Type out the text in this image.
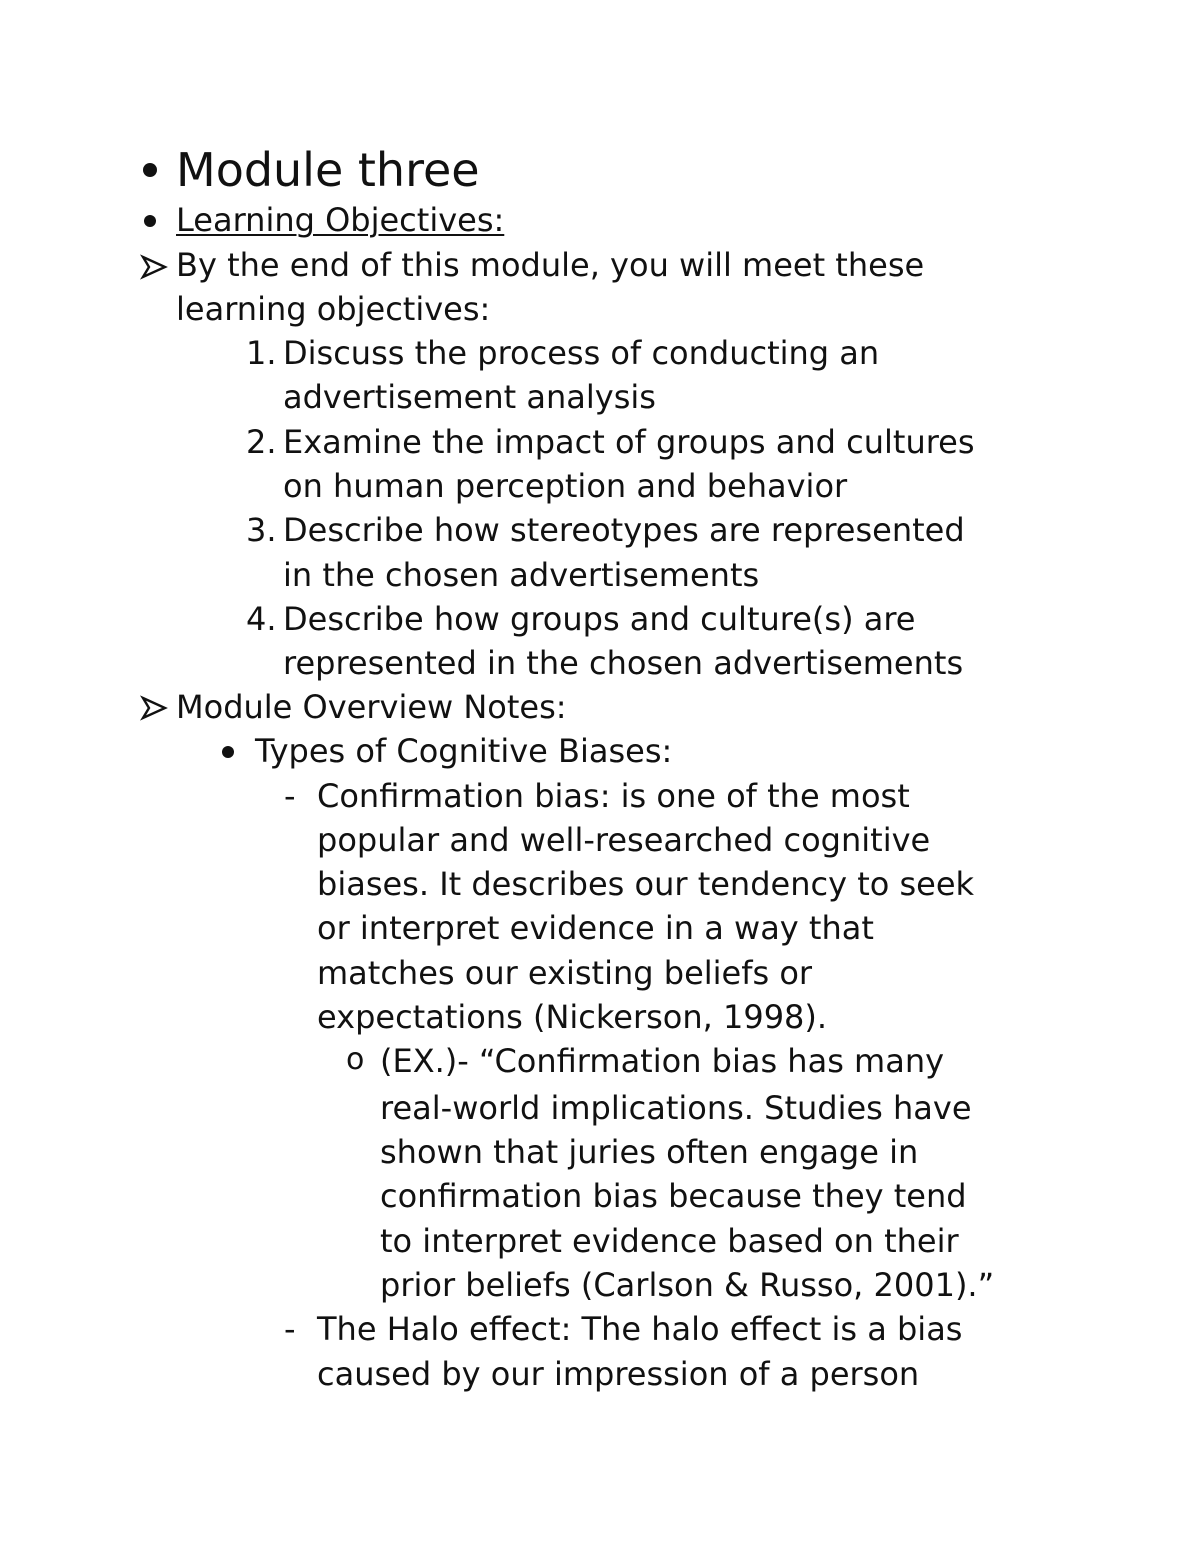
Module three
Learning Objectives:
By the end of this module, you will meet these
learning objectives:
1. Discuss the process of conducting an
advertisement analysis
2. Examine the impact of groups and cultures
on human perception and behavior
3. Describe how stereotypes are represented
in the chosen advertisements
4. Describe how groups and culture(s) are
represented in the chosen advertisements
Module Overview Notes:
Types of Cognitive Biases:
- Confirmation bias: is one of the most
popular and well-researched cognitive
biases. It describes our tendency to seek
or interpret evidence in a way that
matches our existing beliefs or
expectations (Nickerson, 1998).
o (EX.)- “Confirmation bias has many
real-world implications. Studies have
shown that juries often engage in
confirmation bias because they tend
to interpret evidence based on their
prior beliefs (Carlson & Russo, 2001).”
- The Halo effect: The halo effect is a bias
caused by our impression of a person
